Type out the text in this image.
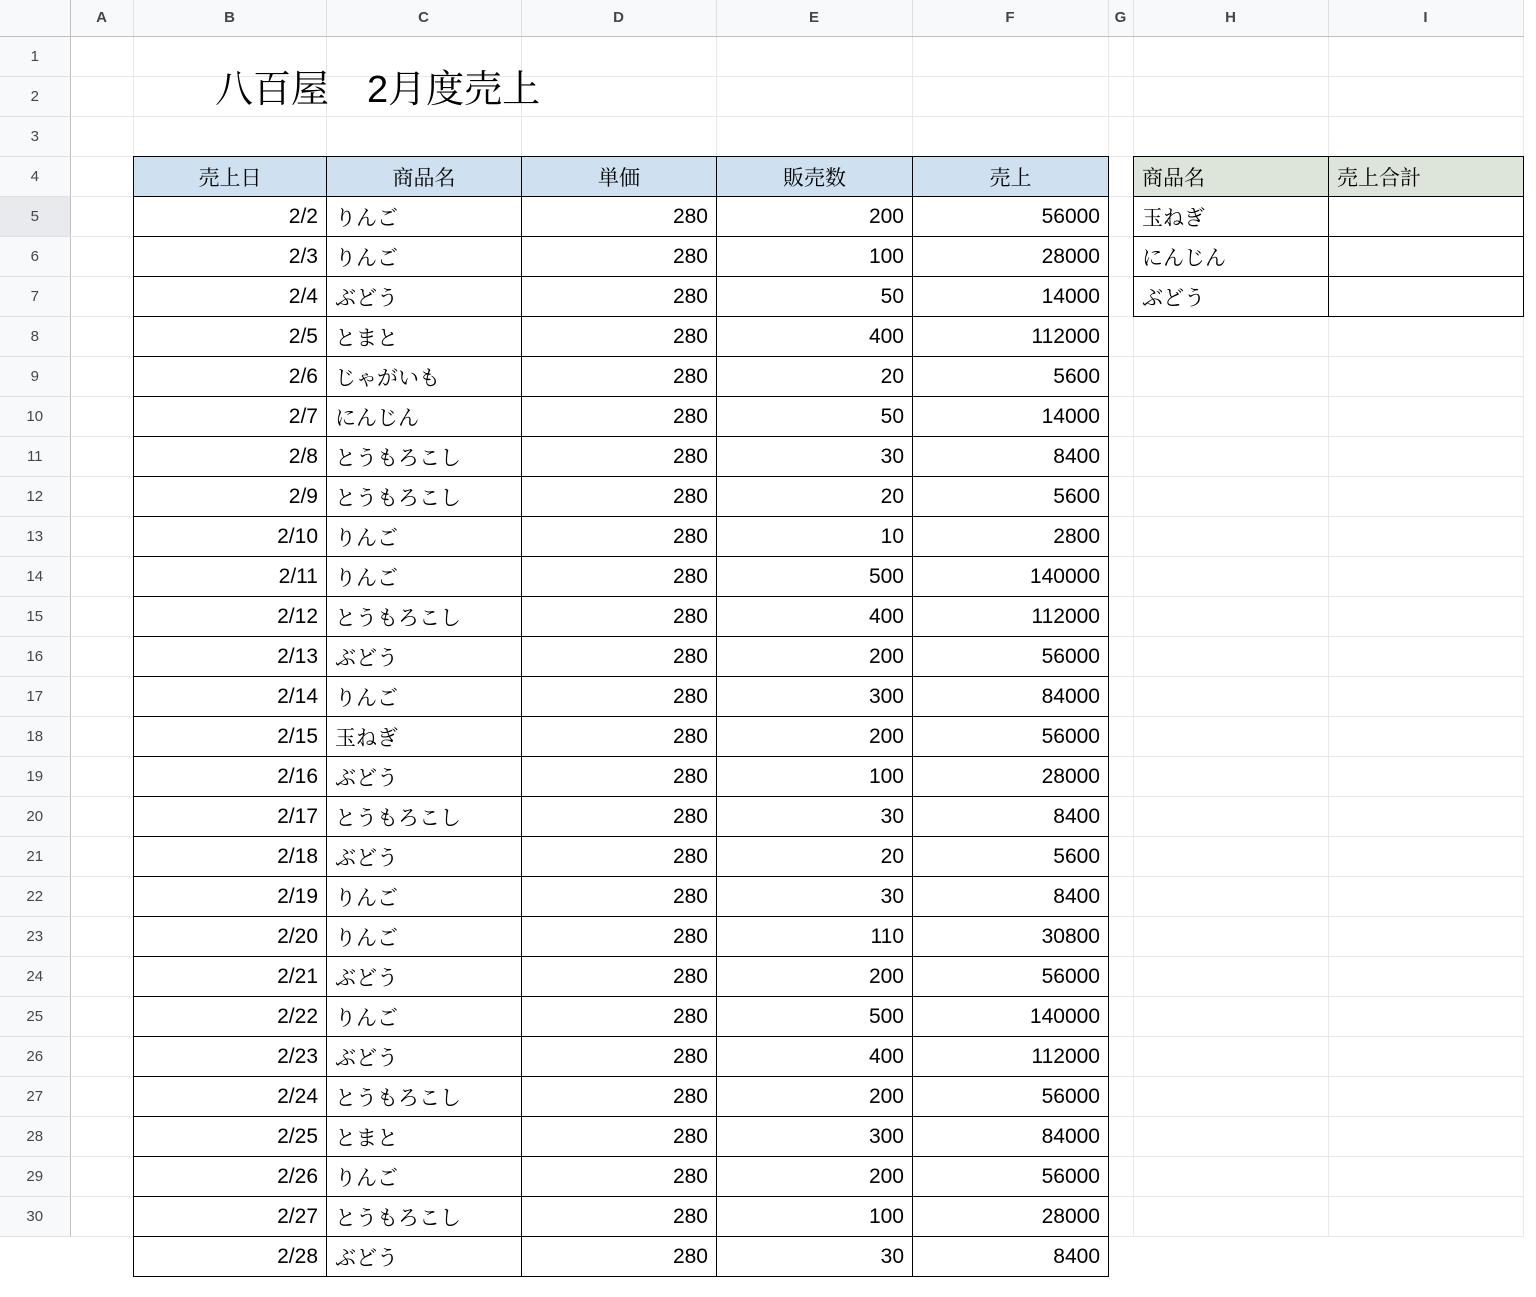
	A	B	C	D	E	F	G	H	I
1									
2									
3									
4									
5									
6									
7									
8									
9									
10									
11									
12									
13									
14									
15									
16									
17									
18									
19									
20									
21									
22									
23									
24									
25									
26									
27									
28									
29									
30									
八百屋　2月度売上
売上日	商品名	単価	販売数	売上
2/2	りんご	280	200	56000
2/3	りんご	280	100	28000
2/4	ぶどう	280	50	14000
2/5	とまと	280	400	112000
2/6	じゃがいも	280	20	5600
2/7	にんじん	280	50	14000
2/8	とうもろこし	280	30	8400
2/9	とうもろこし	280	20	5600
2/10	りんご	280	10	2800
2/11	りんご	280	500	140000
2/12	とうもろこし	280	400	112000
2/13	ぶどう	280	200	56000
2/14	りんご	280	300	84000
2/15	玉ねぎ	280	200	56000
2/16	ぶどう	280	100	28000
2/17	とうもろこし	280	30	8400
2/18	ぶどう	280	20	5600
2/19	りんご	280	30	8400
2/20	りんご	280	110	30800
2/21	ぶどう	280	200	56000
2/22	りんご	280	500	140000
2/23	ぶどう	280	400	112000
2/24	とうもろこし	280	200	56000
2/25	とまと	280	300	84000
2/26	りんご	280	200	56000
2/27	とうもろこし	280	100	28000
2/28	ぶどう	280	30	8400
商品名	売上合計
玉ねぎ	
にんじん	
ぶどう	
